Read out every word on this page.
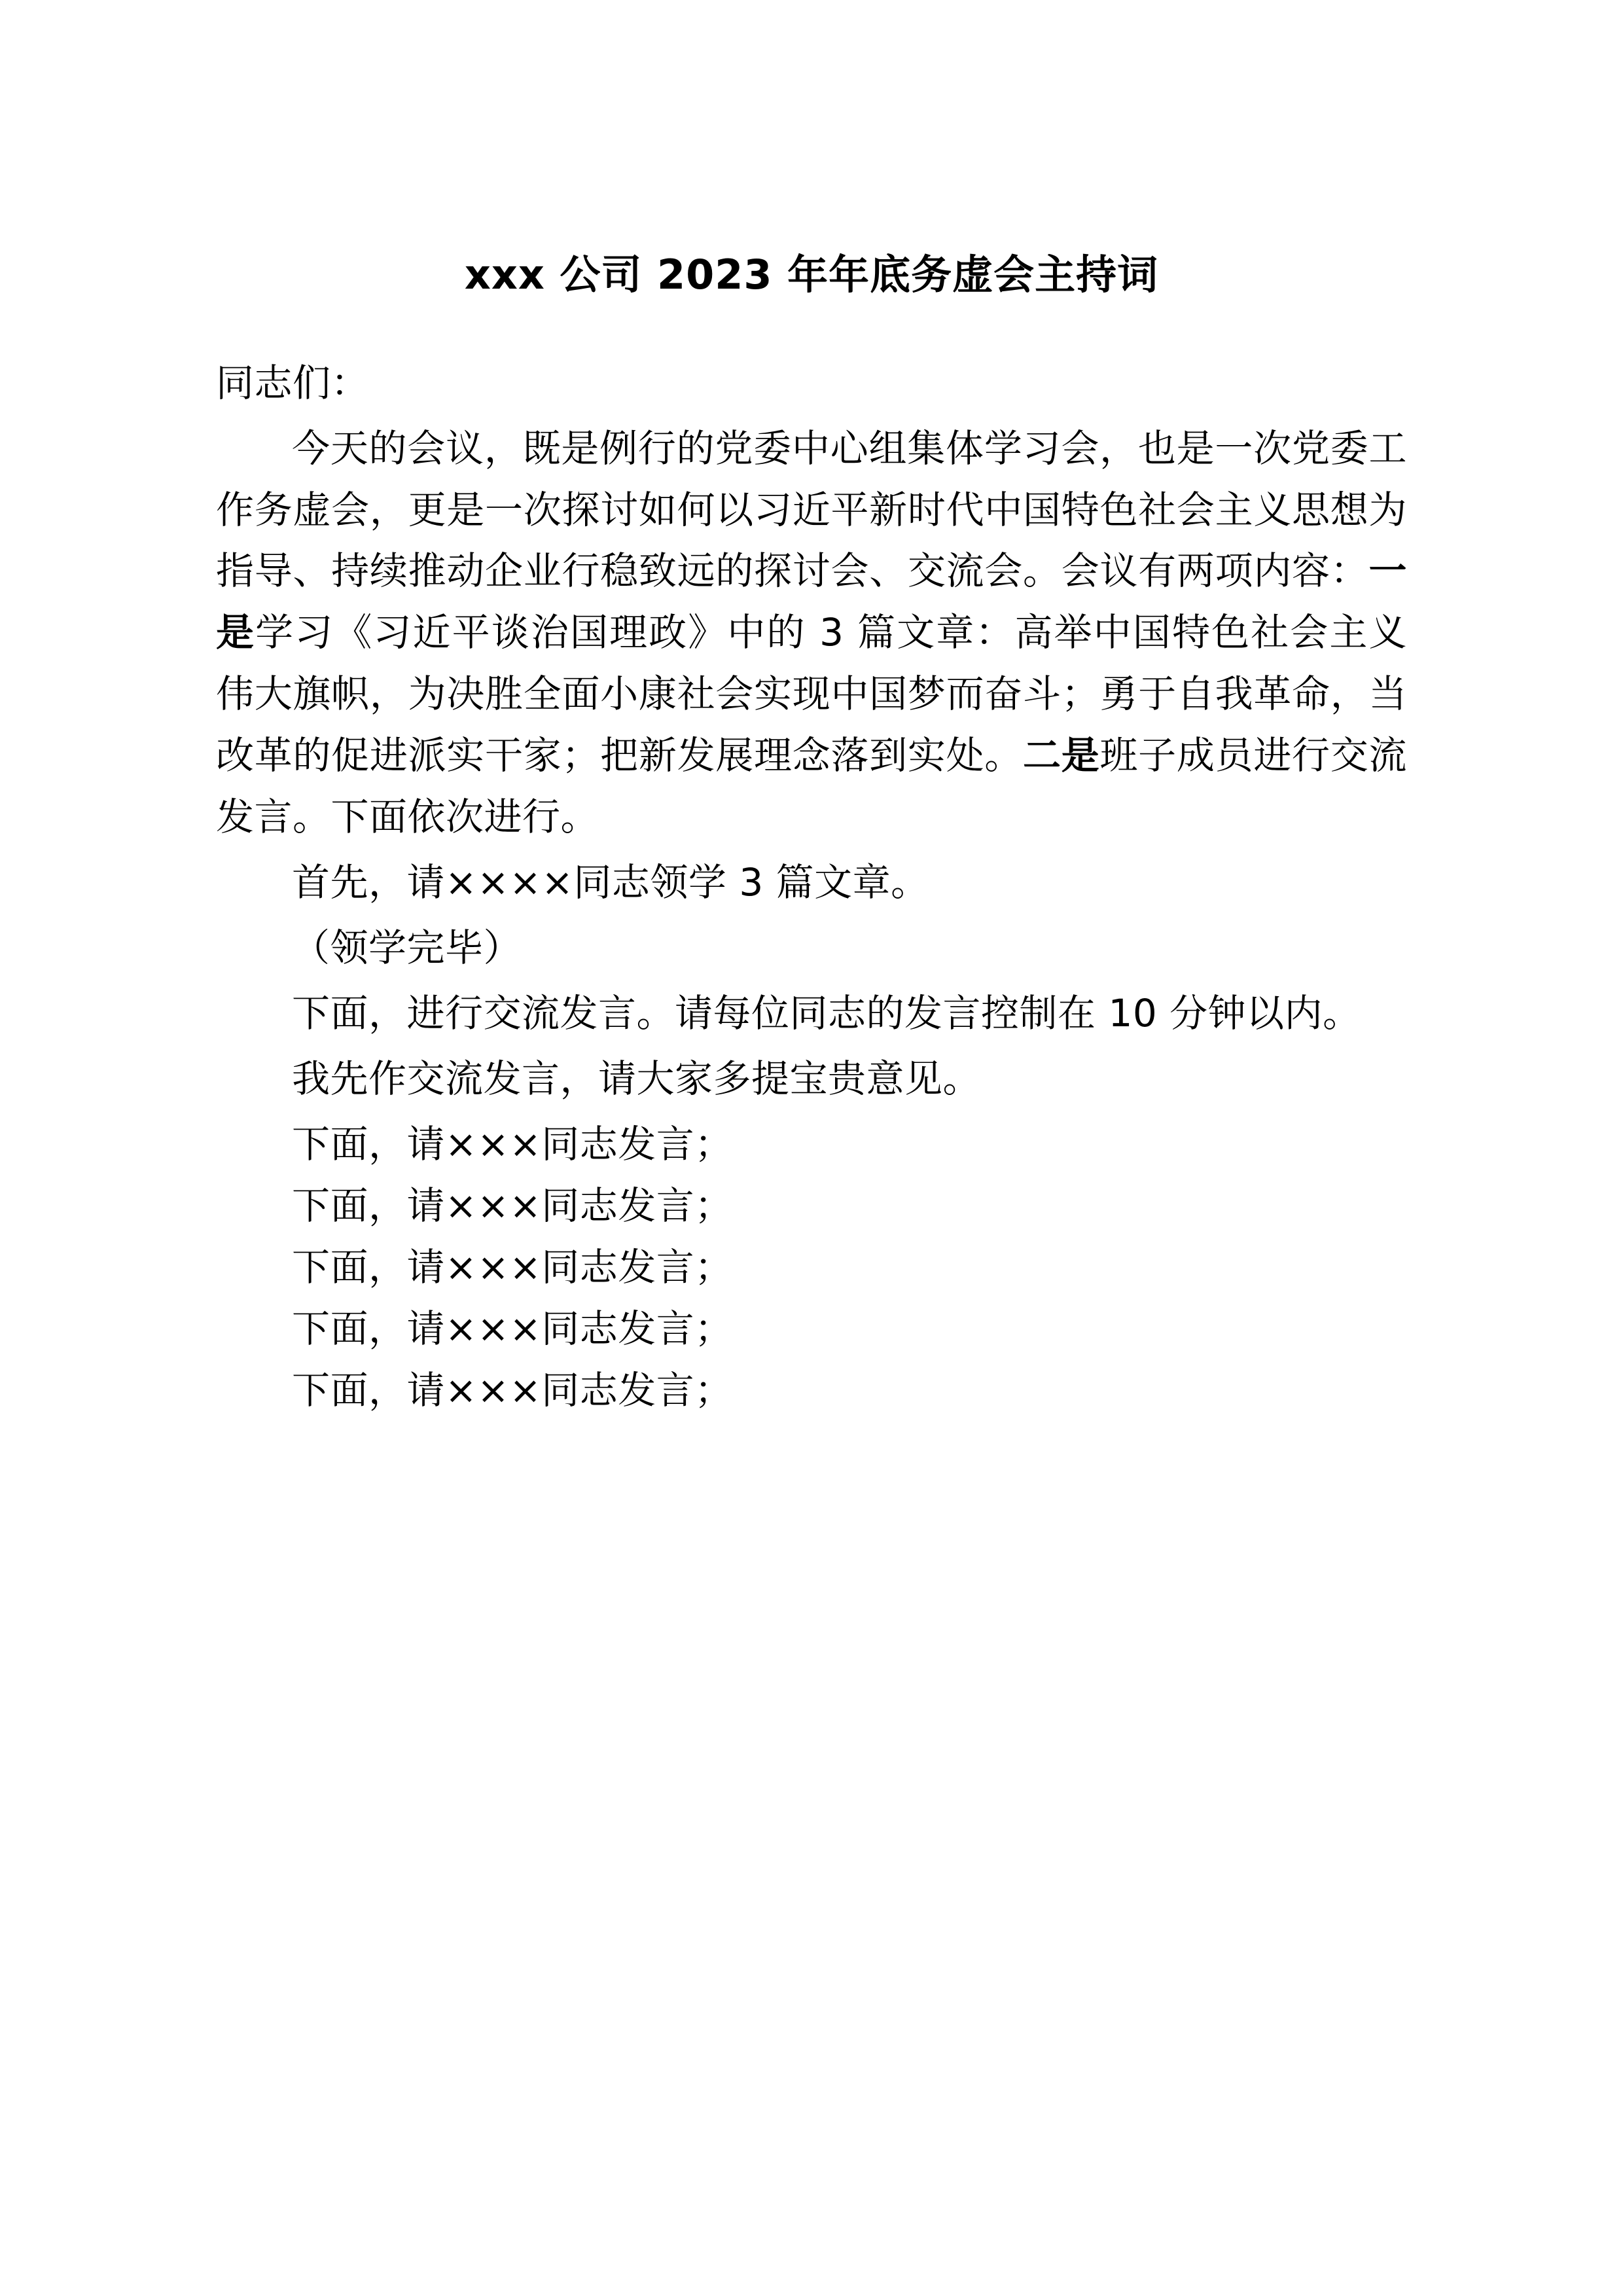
xxx 公司 2023 年年底务虚会主持词

同志们：

今天的会议，既是例行的党委中心组集体学习会，也是一次党委工作务虚会，更是一次探讨如何以习近平新时代中国特色社会主义思想为指导、持续推动企业行稳致远的探讨会、交流会。会议有两项内容：一是学习《习近平谈治国理政》中的 3 篇文章：高举中国特色社会主义伟大旗帜，为决胜全面小康社会实现中国梦而奋斗；勇于自我革命，当改革的促进派实干家；把新发展理念落到实处。二是班子成员进行交流发言。下面依次进行。

首先，请××××同志领学 3 篇文章。

（领学完毕）

下面，进行交流发言。请每位同志的发言控制在 10 分钟以内。

我先作交流发言，请大家多提宝贵意见。

下面，请×××同志发言；

下面，请×××同志发言；

下面，请×××同志发言；

下面，请×××同志发言；

下面，请×××同志发言；
